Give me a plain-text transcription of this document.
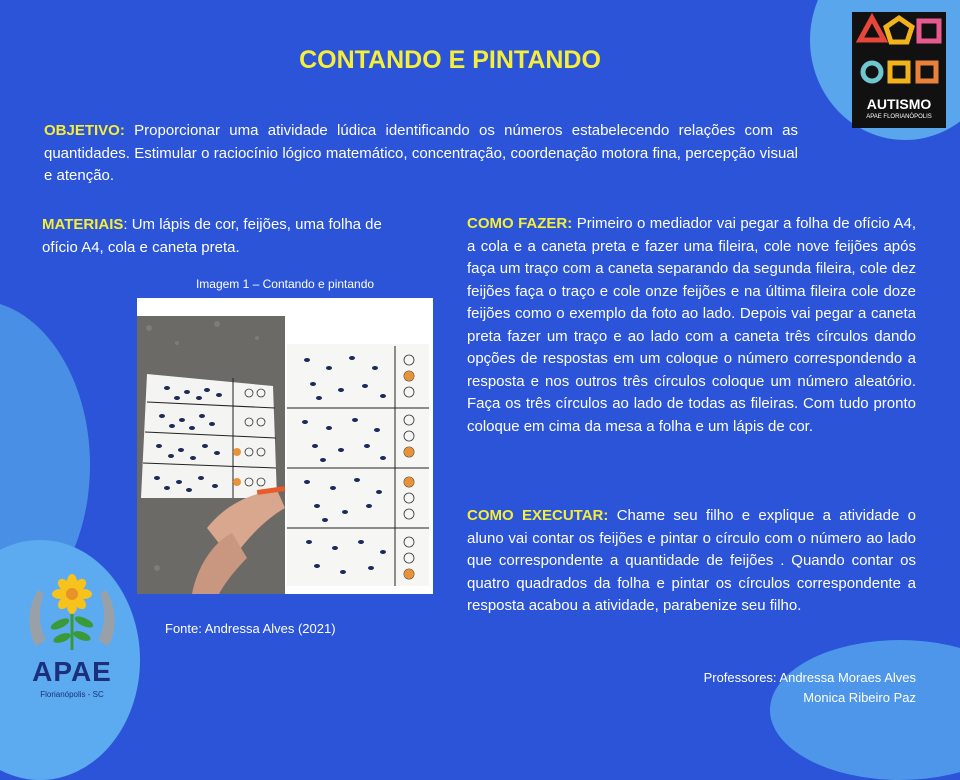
CONTANDO E PINTANDO
OBJETIVO: Proporcionar uma atividade lúdica identificando os números estabelecendo relações com as quantidades. Estimular o raciocínio lógico matemático, concentração, coordenação motora fina, percepção visual e atenção.
MATERIAIS: Um lápis de cor, feijões, uma folha de ofício A4, cola e caneta preta.
Imagem 1 – Contando e pintando
Fonte: Andressa Alves (2021)
COMO FAZER: Primeiro o mediador vai pegar a folha de ofício A4, a cola e a caneta preta e fazer uma fileira, cole nove feijões após faça um traço com a caneta separando da segunda fileira, cole dez feijões faça o traço e cole onze feijões e na última fileira cole doze feijões como o exemplo da foto ao lado. Depois vai pegar a caneta preta fazer um traço e ao lado com a caneta três círculos dando opções de respostas em um coloque o número correspondendo a resposta e nos outros três círculos coloque um número aleatório. Faça os três círculos ao lado de todas as fileiras. Com tudo pronto coloque em cima da mesa a folha e um lápis de cor.
COMO EXECUTAR: Chame seu filho e explique a atividade o aluno vai contar os feijões e pintar o círculo com o número ao lado que correspondente a quantidade de feijões . Quando contar os quatro quadrados da folha e pintar os círculos correspondente a resposta acabou a atividade, parabenize seu filho.
Professores: Andressa Moraes Alves
Monica Ribeiro Paz
AUTISMO
APAE FLORIANÓPOLIS
APAE
Florianópolis - SC
